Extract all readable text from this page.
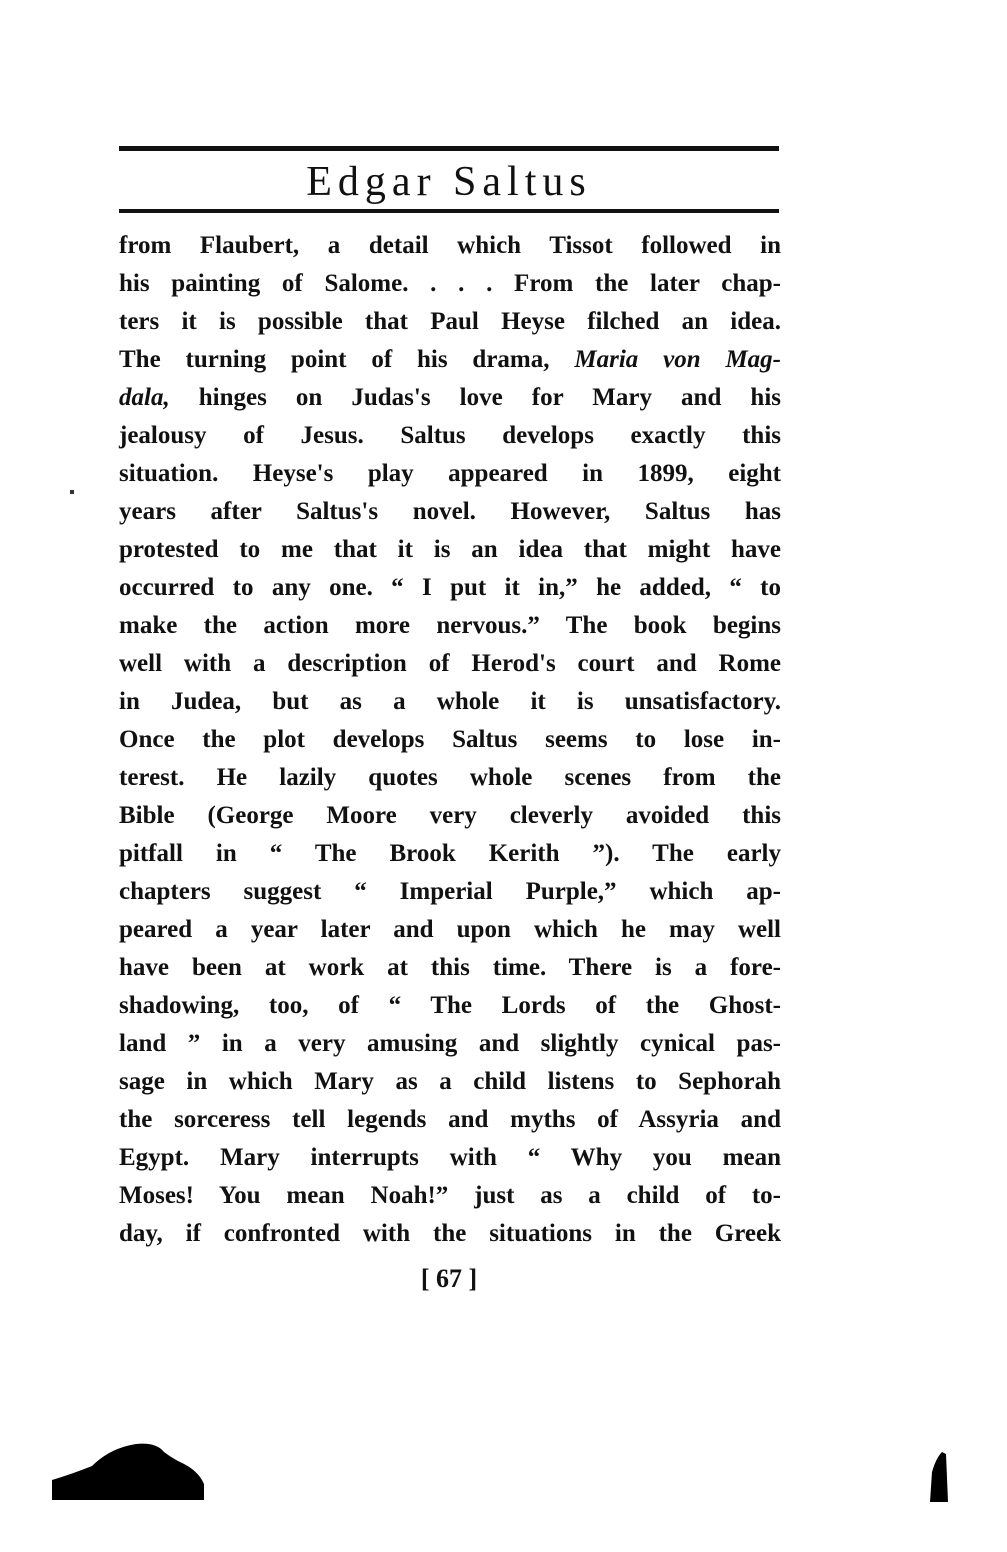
Edgar Saltus
from Flaubert, a detail which Tissot followed in
his painting of Salome. . . . From the later chap-
ters it is possible that Paul Heyse filched an idea.
The turning point of his drama, Maria von Mag-
dala, hinges on Judas's love for Mary and his
jealousy of Jesus. Saltus develops exactly this
situation. Heyse's play appeared in 1899, eight
years after Saltus's novel. However, Saltus has
protested to me that it is an idea that might have
occurred to any one. “ I put it in,” he added, “ to
make the action more nervous.” The book begins
well with a description of Herod's court and Rome
in Judea, but as a whole it is unsatisfactory.
Once the plot develops Saltus seems to lose in-
terest. He lazily quotes whole scenes from the
Bible (George Moore very cleverly avoided this
pitfall in “ The Brook Kerith ”). The early
chapters suggest “ Imperial Purple,” which ap-
peared a year later and upon which he may well
have been at work at this time. There is a fore-
shadowing, too, of “ The Lords of the Ghost-
land ” in a very amusing and slightly cynical pas-
sage in which Mary as a child listens to Sephorah
the sorceress tell legends and myths of Assyria and
Egypt. Mary interrupts with “ Why you mean
Moses! You mean Noah!” just as a child of to-
day, if confronted with the situations in the Greek
[ 67 ]
